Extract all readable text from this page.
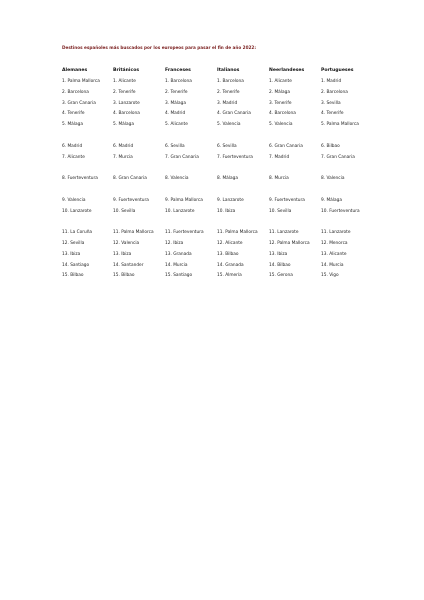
Destinos españoles más buscados por los europeos para pasar el fin de año 2022:
Alemanes
1. Palma Mallorca
2. Barcelona
3. Gran Canaria
4. Tenerife
5. Málaga
6. Madrid
7. Alicante
8. Fuerteventura
9. Valencia
10. Lanzarote
11. La Coruña
12. Sevilla
13. Ibiza
14. Santiago
15. Bilbao
Británicos
1. Alicante
2. Tenerife
3. Lanzarote
4. Barcelona
5. Málaga
6. Madrid
7. Murcia
8. Gran Canaria
9. Fuerteventura
10. Sevilla
11. Palma Mallorca
12. Valencia
13. Ibiza
14. Santander
15. Bilbao
Franceses
1. Barcelona
2. Tenerife
3. Málaga
4. Madrid
5. Alicante
6. Sevilla
7. Gran Canaria
8. Valencia
9. Palma Mallorca
10. Lanzarote
11. Fuerteventura
12. Ibiza
13. Granada
14. Murcia
15. Santiago
Italianos
1. Barcelona
2. Tenerife
3. Madrid
4. Gran Canaria
5. Valencia
6. Sevilla
7. Fuerteventura
8. Málaga
9. Lanzarote
10. Ibiza
11. Palma Mallorca
12. Alicante
13. Bilbao
14. Granada
15. Almería
Neerlandeses
1. Alicante
2. Málaga
3. Tenerife
4. Barcelona
5. Valencia
6. Gran Canaria
7. Madrid
8. Murcia
9. Fuerteventura
10. Sevilla
11. Lanzarote
12. Palma Mallorca
13. Ibiza
14. Bilbao
15. Gerona
Portugueses
1. Madrid
2. Barcelona
3. Sevilla
4. Tenerife
5. Palma Mallorca
6. Bilbao
7. Gran Canaria
8. Valencia
9. Málaga
10. Fuerteventura
11. Lanzarote
12. Menorca
13. Alicante
14. Murcia
15. Vigo
